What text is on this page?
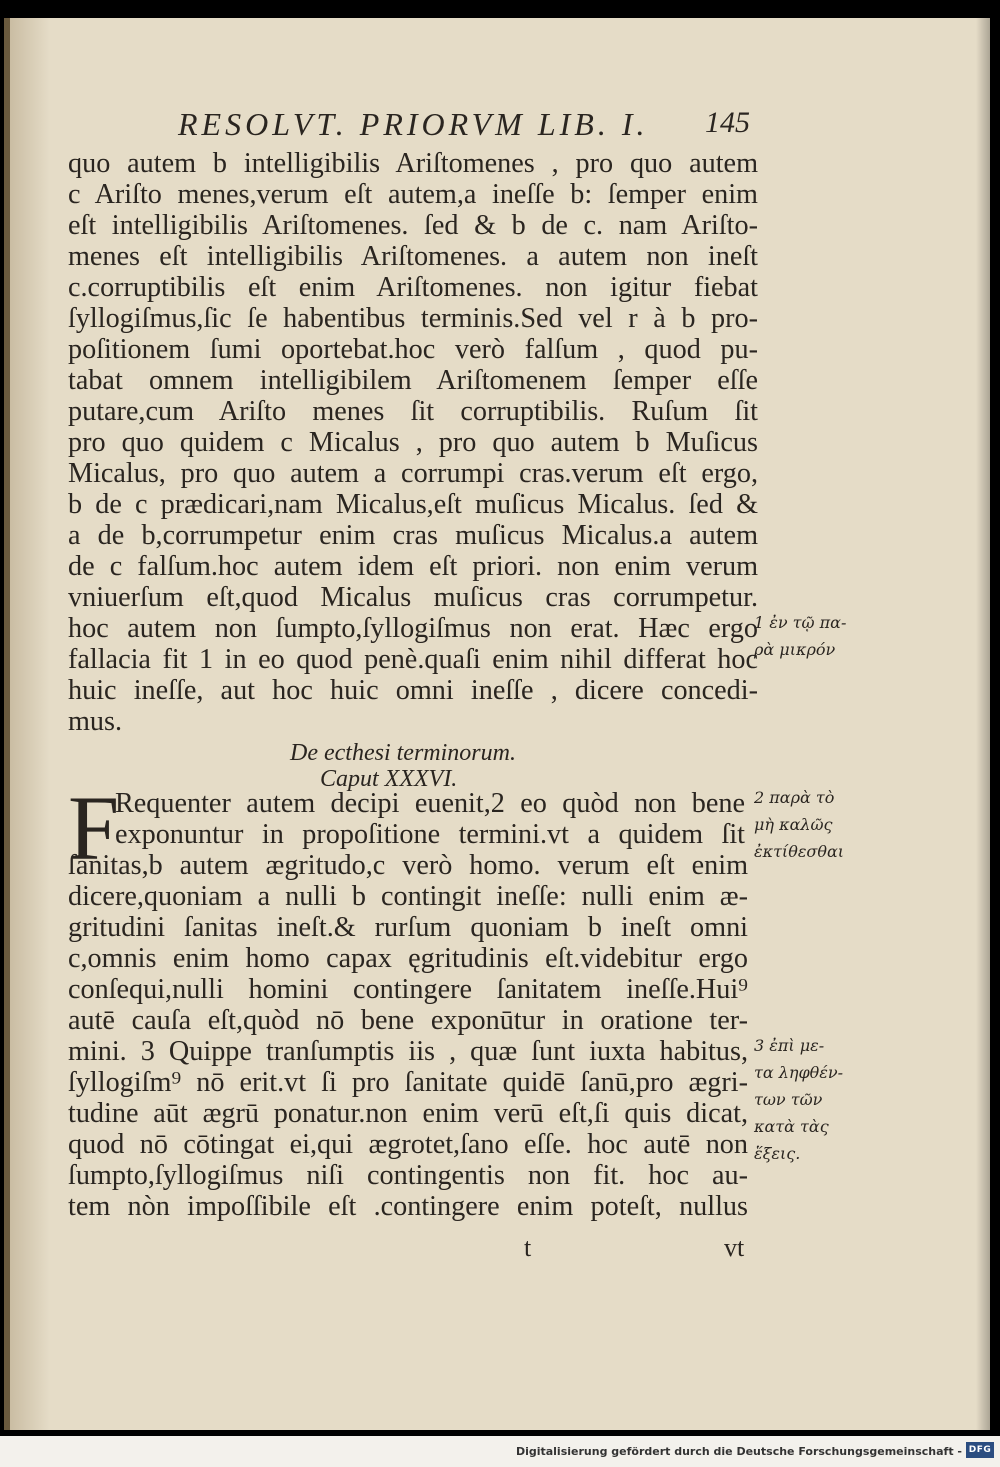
RESOLVT. PRIORVM LIB. I. 145
quo autem b intelligibilis Ariſtomenes , pro quo autem
c Ariſto menes,verum eſt autem,a ineſſe b: ſemper enim
eſt intelligibilis Ariſtomenes. ſed & b de c. nam Ariſto-
menes eſt intelligibilis Ariſtomenes. a autem non ineſt
c.corruptibilis eſt enim Ariſtomenes. non igitur fiebat
ſyllogiſmus,ſic ſe habentibus terminis.Sed vel r à b pro-
poſitionem ſumi oportebat.hoc verò falſum , quod pu-
tabat omnem intelligibilem Ariſtomenem ſemper eſſe
putare,cum Ariſto menes ſit corruptibilis. Ruſum ſit
pro quo quidem c Micalus , pro quo autem b Muſicus
Micalus, pro quo autem a corrumpi cras.verum eſt ergo,
b de c prædicari,nam Micalus,eſt muſicus Micalus. ſed &
a de b,corrumpetur enim cras muſicus Micalus.a autem
de c falſum.hoc autem idem eſt priori. non enim verum
vniuerſum eſt,quod Micalus muſicus cras corrumpetur.
hoc autem non ſumpto,ſyllogiſmus non erat. Hæc ergo
fallacia fit 1 in eo quod penè.quaſi enim nihil differat hoc
huic ineſſe, aut hoc huic omni ineſſe , dicere concedi-
mus.
De ecthesi terminorum.
Caput XXXVI.
F
Requenter autem decipi euenit,2 eo quòd non bene
exponuntur in propoſitione termini.vt a quidem ſit
ſanitas,b autem ægritudo,c verò homo. verum eſt enim
dicere,quoniam a nulli b contingit ineſſe: nulli enim æ-
gritudini ſanitas ineſt.& rurſum quoniam b ineſt omni
c,omnis enim homo capax ęgritudinis eſt.videbitur ergo
conſequi,nulli homini contingere ſanitatem ineſſe.Hui⁹
autē cauſa eſt,quòd nō bene exponūtur in oratione ter-
mini. 3 Quippe tranſumptis iis , quæ ſunt iuxta habitus,
ſyllogiſm⁹ nō erit.vt ſi pro ſanitate quidē ſanū,pro ægri-
tudine aūt ægrū ponatur.non enim verū eſt,ſi quis dicat,
quod nō cōtingat ei,qui ægrotet,ſano eſſe. hoc autē non
ſumpto,ſyllogiſmus niſi contingentis non fit. hoc au-
tem nòn impoſſibile eſt .contingere enim poteſt, nullus
1 ἐν τῷ πα-
ρὰ μικρόν
2 παρὰ τὸ
μὴ καλῶς
ἐκτίθεσθαι
3 ἐπὶ με-
τα ληφθέν-
των τῶν
κατὰ τὰς
ἕξεις.
t	vt
Digitalisierung gefördert durch die Deutsche Forschungsgemeinschaft - DFG
